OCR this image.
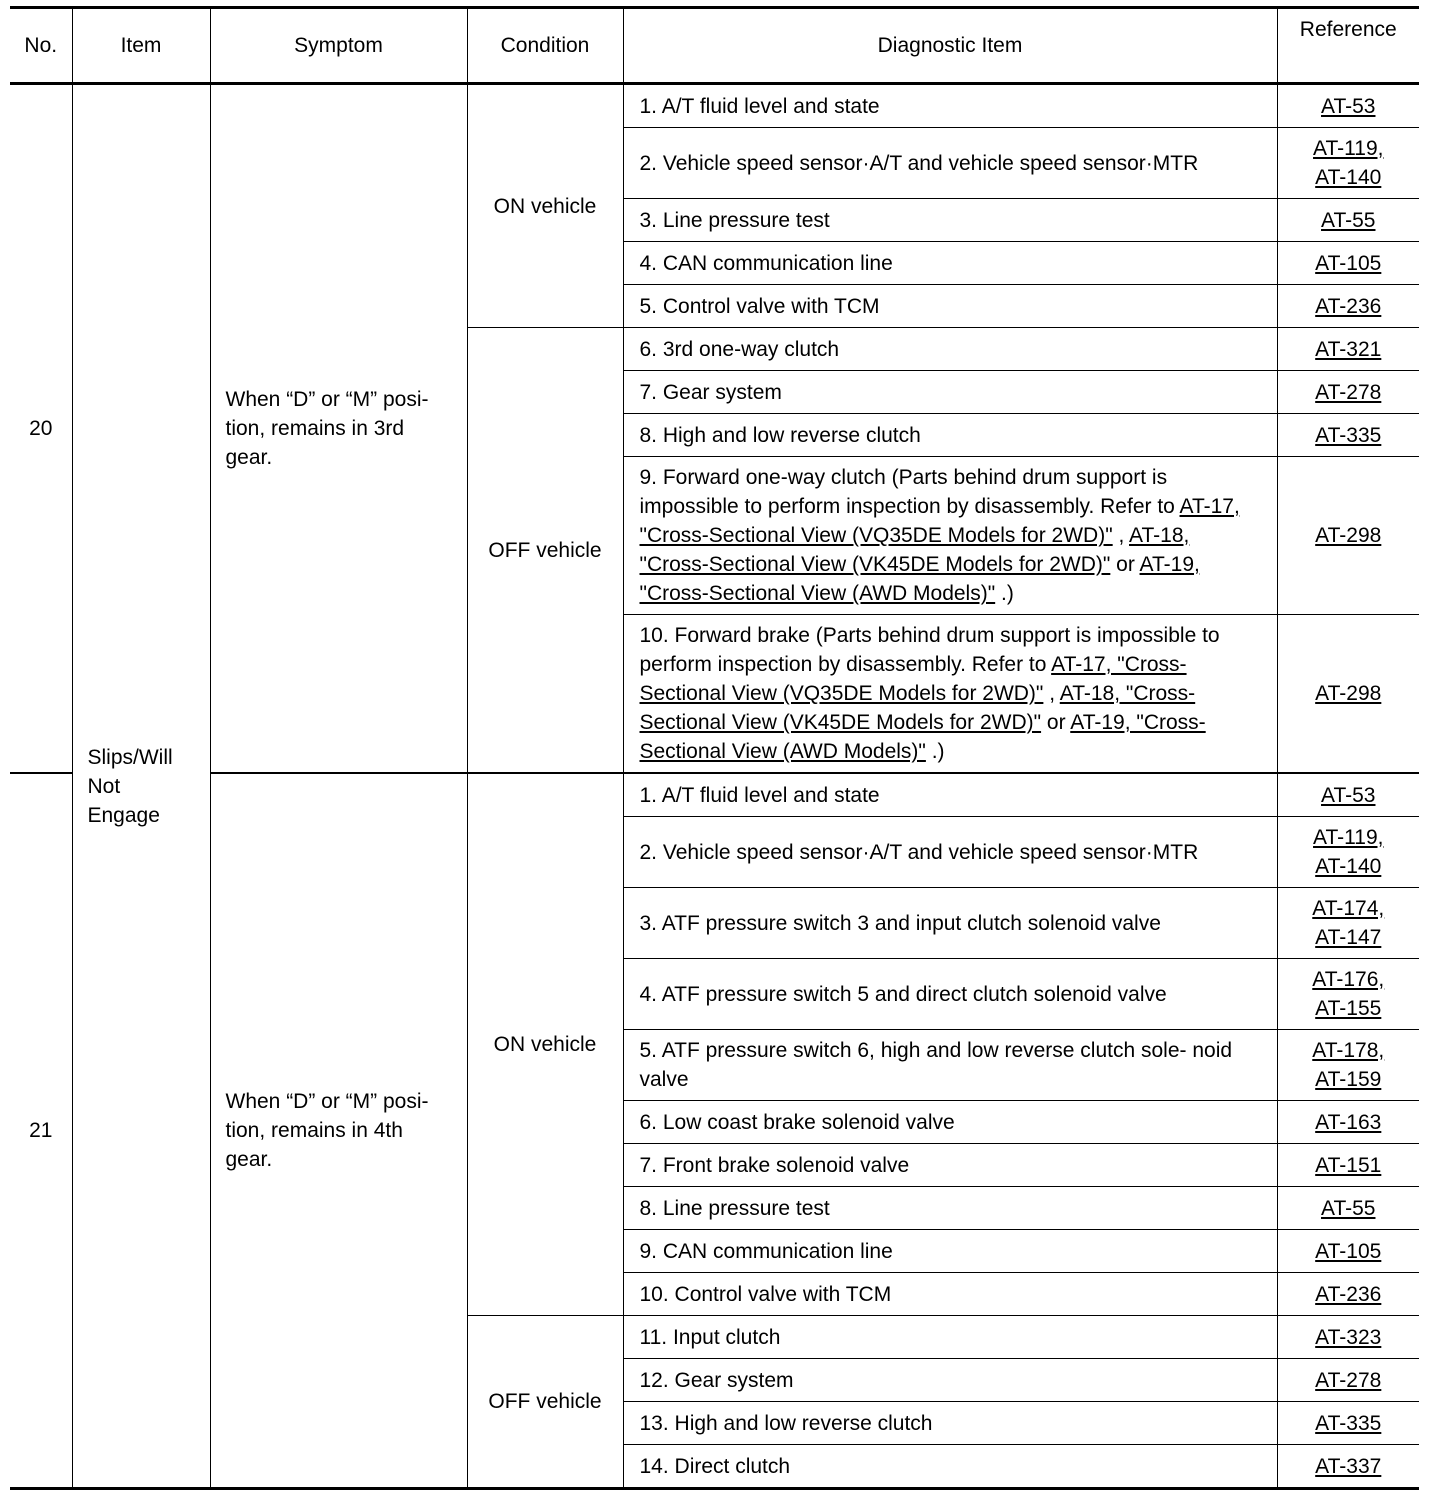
No.	Item	Symptom	Condition	Diagnostic Item	Reference
20	Slips/Will Not Engage	When “D” or “M” posi- tion, remains in 3rd gear.	ON vehicle	1. A/T fluid level and state	AT-53
				2. Vehicle speed sensor·A/T and vehicle speed sensor·MTR	AT-119,
AT-140
				3. Line pressure test	AT-55
				4. CAN communication line	AT-105
				5. Control valve with TCM	AT-236
			OFF vehicle	6. 3rd one-way clutch	AT-321
				7. Gear system	AT-278
				8. High and low reverse clutch	AT-335
				9. Forward one-way clutch (Parts behind drum support is impossible to perform inspection by disassembly. Refer to AT-17, "Cross-Sectional View (VQ35DE Models for 2WD)" , AT-18, "Cross-Sectional View (VK45DE Models for 2WD)" or AT-19, "Cross-Sectional View (AWD Models)" .)	AT-298
				10. Forward brake (Parts behind drum support is impossible to perform inspection by disassembly. Refer to AT-17, "Cross-Sectional View (VQ35DE Models for 2WD)" , AT-18, "Cross-Sectional View (VK45DE Models for 2WD)" or AT-19, "Cross-Sectional View (AWD Models)" .)	AT-298
21		When “D” or “M” posi- tion, remains in 4th gear.	ON vehicle	1. A/T fluid level and state	AT-53
				2. Vehicle speed sensor·A/T and vehicle speed sensor·MTR	AT-119,
AT-140
				3. ATF pressure switch 3 and input clutch solenoid valve	AT-174,
AT-147
				4. ATF pressure switch 5 and direct clutch solenoid valve	AT-176,
AT-155
				5. ATF pressure switch 6, high and low reverse clutch sole- noid valve	AT-178,
AT-159
				6. Low coast brake solenoid valve	AT-163
				7. Front brake solenoid valve	AT-151
				8. Line pressure test	AT-55
				9. CAN communication line	AT-105
				10. Control valve with TCM	AT-236
			OFF vehicle	11. Input clutch	AT-323
				12. Gear system	AT-278
				13. High and low reverse clutch	AT-335
				14. Direct clutch	AT-337
